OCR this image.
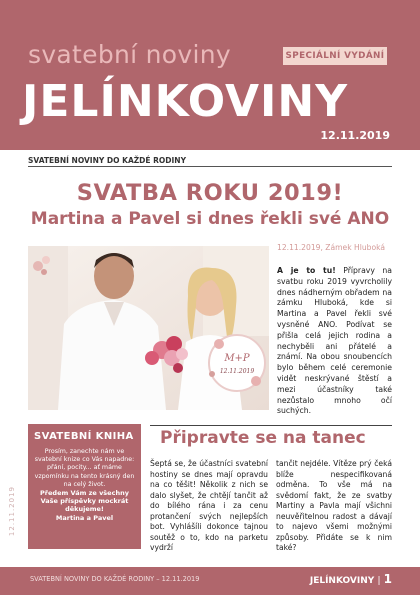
svatební noviny	SPECIÁLNÍ VYDÁNÍ
JELÍNKOVINY
12.11.2019
SVATEBNÍ NOVINY DO KAŽDÉ RODINY
SVATBA ROKU 2019!
Martina a Pavel si dnes řekli své ANO
M+P
12.11.2019
12.11.2019, Zámek Hluboká
A je to tu! Přípravy na svatbu roku 2019 vyvrcholily dnes nádherným obřadem na zámku Hluboká, kde si Martina a Pavel řekli své vysněné ANO. Podívat se přišla celá jejich rodina a nechyběli ani přátelé a známí. Na obou snoubencích bylo během celé ceremonie vidět neskrývané štěstí a mezi účastníky také nezůstalo mnoho očí suchých.
SVATEBNÍ KNIHA
Prosím, zanechte nám ve svatební knize co Vás napadne: přání, pocity... ať máme vzpomínku na tento krásný den na celý život.
Předem Vám ze všechny Vaše příspěvky mockrát děkujeme!
Martina a Pavel
Připravte se na tanec
Šeptá se, že účastníci svatební hostiny se dnes mají opravdu na co těšit! Několik z nich se dalo slyšet, že chtějí tančit až do bílého rána i za cenu protančení svých nejlepších bot. Vyhlášíli dokonce tajnou soutěž o to, kdo na parketu vydrží
tančit nejdéle. Vítěze prý čeká blíže nespecifikovaná odměna. To vše má na svědomí fakt, že ze svatby Martiny a Pavla mají všichni neuvěřitelnou radost a dávají to najevo všemi možnými způsoby. Přidáte se k nim také?
12.11.2019
SVATEBNÍ NOVINY DO KAŽDÉ RODINY – 12.11.2019	JELÍNKOVINY | 1
